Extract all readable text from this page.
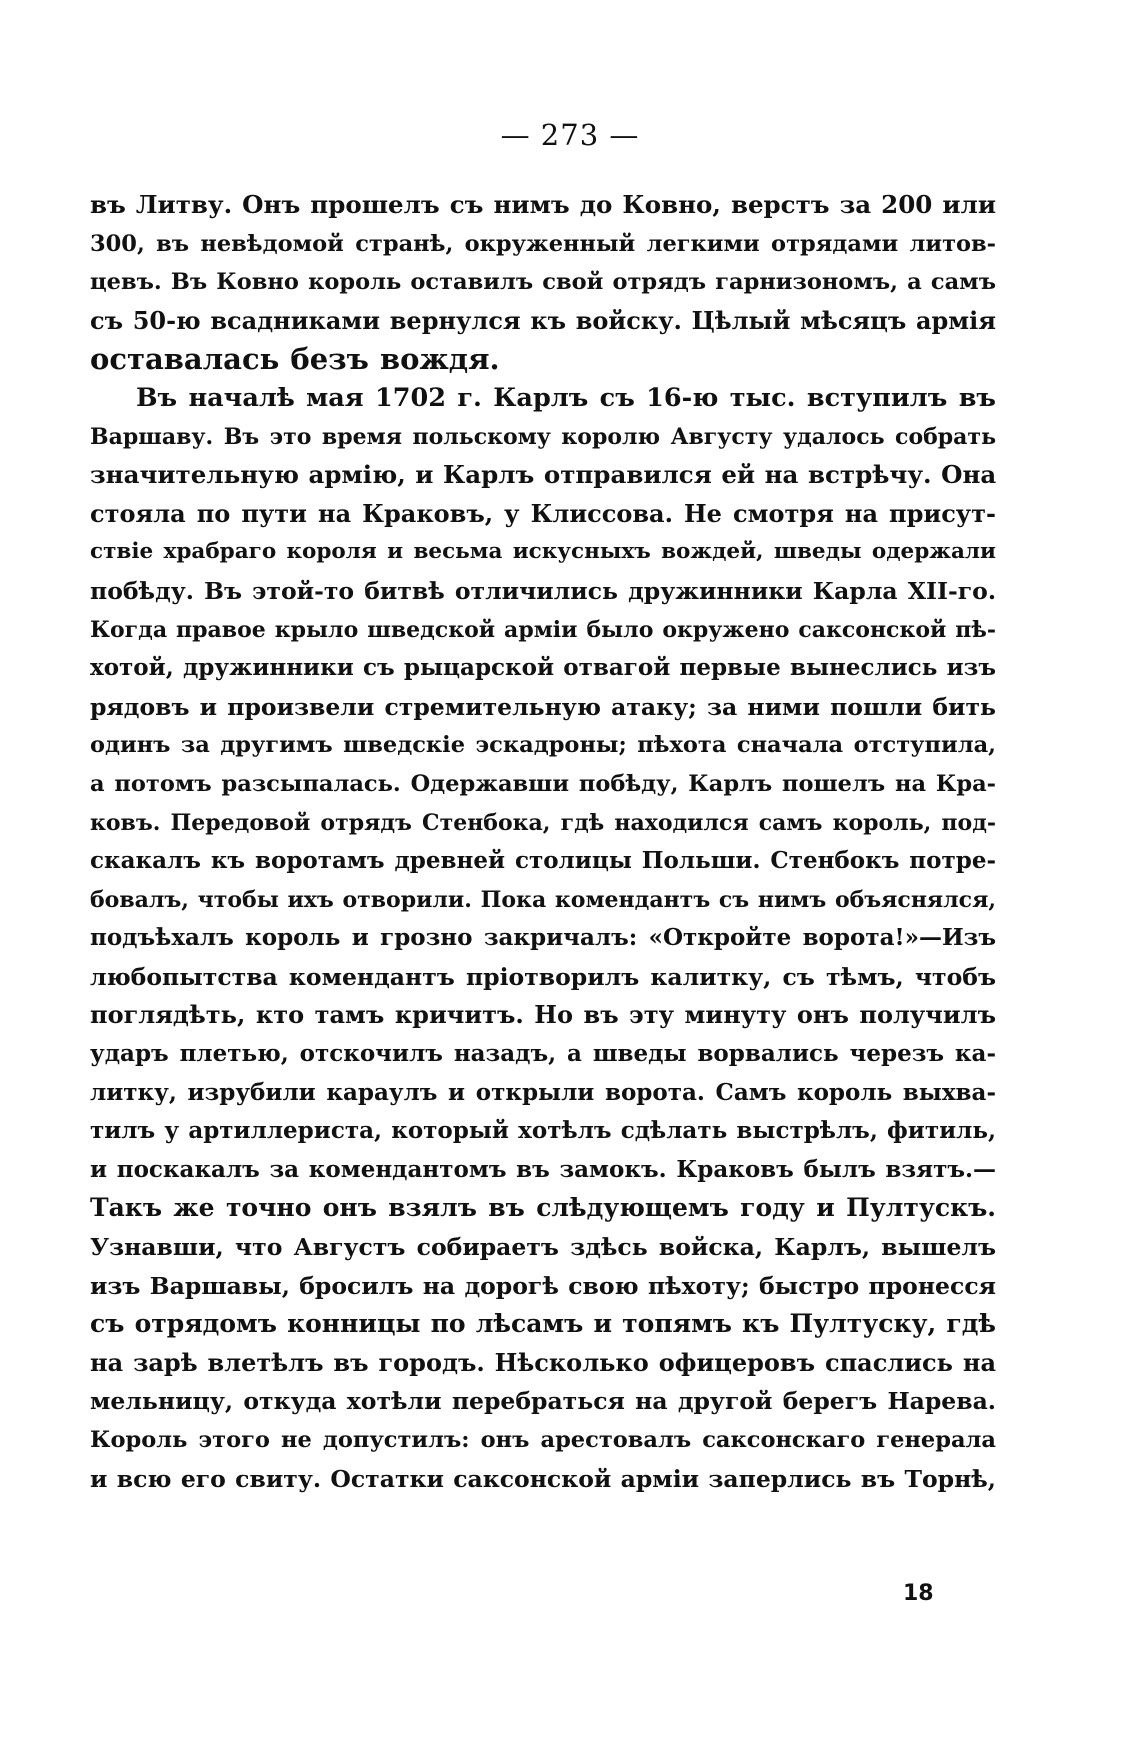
— 273 —
въ Литву. Онъ прошелъ съ нимъ до Ковно, верстъ за 200 или
300, въ невѣдомой странѣ, окруженный легкими отрядами литов-
цевъ. Въ Ковно король оставилъ свой отрядъ гарнизономъ, а самъ
съ 50-ю всадниками вернулся къ войску. Цѣлый мѣсяцъ армія
оставалась безъ вождя.
Въ началѣ мая 1702 г. Карлъ съ 16-ю тыс. вступилъ въ
Варшаву. Въ это время польскому королю Августу удалось собрать
значительную армію, и Карлъ отправился ей на встрѣчу. Она
стояла по пути на Краковъ, у Клиссова. Не смотря на присут-
ствіе храбраго короля и весьма искусныхъ вождей, шведы одержали
побѣду. Въ этой-то битвѣ отличились дружинники Карла XII-го.
Когда правое крыло шведской арміи было окружено саксонской пѣ-
хотой, дружинники съ рыцарской отвагой первые вынеслись изъ
рядовъ и произвели стремительную атаку; за ними пошли бить
одинъ за другимъ шведскіе эскадроны; пѣхота сначала отступила,
а потомъ разсыпалась. Одержавши побѣду, Карлъ пошелъ на Кра-
ковъ. Передовой отрядъ Стенбока, гдѣ находился самъ король, под-
скакалъ къ воротамъ древней столицы Польши. Стенбокъ потре-
бовалъ, чтобы ихъ отворили. Пока комендантъ съ нимъ объяснялся,
подъѣхалъ король и грозно закричалъ: «Откройте ворота!»—Изъ
любопытства комендантъ пріотворилъ калитку, съ тѣмъ, чтобъ
поглядѣть, кто тамъ кричитъ. Но въ эту минуту онъ получилъ
ударъ плетью, отскочилъ назадъ, а шведы ворвались черезъ ка-
литку, изрубили караулъ и открыли ворота. Самъ король выхва-
тилъ у артиллериста, который хотѣлъ сдѣлать выстрѣлъ, фитиль,
и поскакалъ за комендантомъ въ замокъ. Краковъ былъ взятъ.—
Такъ же точно онъ взялъ въ слѣдующемъ году и Пултускъ.
Узнавши, что Августъ собираетъ здѣсь войска, Карлъ, вышелъ
изъ Варшавы, бросилъ на дорогѣ свою пѣхоту; быстро пронесся
съ отрядомъ конницы по лѣсамъ и топямъ къ Пултуску, гдѣ
на зарѣ влетѣлъ въ городъ. Нѣсколько офицеровъ спаслись на
мельницу, откуда хотѣли перебраться на другой берегъ Нарева.
Король этого не допустилъ: онъ арестовалъ саксонскаго генерала
и всю его свиту. Остатки саксонской арміи заперлись въ Торнѣ,
18
